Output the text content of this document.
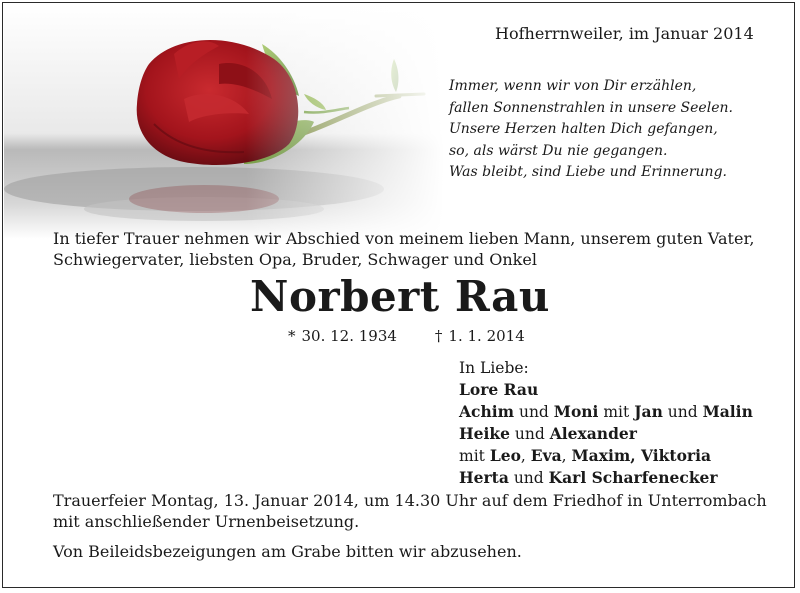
Hofherrnweiler, im Januar 2014
Immer, wenn wir von Dir erzählen,
fallen Sonnenstrahlen in unsere Seelen.
Unsere Herzen halten Dich gefangen,
so, als wärst Du nie gegangen.
Was bleibt, sind Liebe und Erinnerung.
In tiefer Trauer nehmen wir Abschied von meinem lieben Mann, unserem guten Vater,
Schwiegervater, liebsten Opa, Bruder, Schwager und Onkel
Norbert Rau
* 30. 12. 1934	† 1. 1. 2014
In Liebe:
Lore Rau
Achim und Moni mit Jan und Malin
Heike und Alexander
mit Leo, Eva, Maxim, Viktoria
Herta und Karl Scharfenecker
Trauerfeier Montag, 13. Januar 2014, um 14.30 Uhr auf dem Friedhof in Unterrombach
mit anschließender Urnenbeisetzung.
Von Beileidsbezeigungen am Grabe bitten wir abzusehen.
